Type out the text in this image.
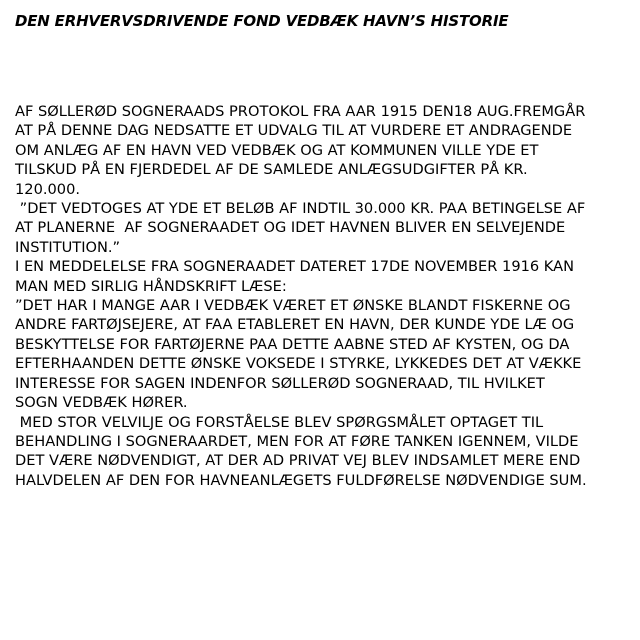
DEN ERHVERVSDRIVENDE FOND VEDBÆK HAVN’S HISTORIE
AF SØLLERØD SOGNERAADS PROTOKOL FRA AAR 1915 DEN18 AUG.FREMGÅR
AT PÅ DENNE DAG NEDSATTE ET UDVALG TIL AT VURDERE ET ANDRAGENDE
OM ANLÆG AF EN HAVN VED VEDBÆK OG AT KOMMUNEN VILLE YDE ET
TILSKUD PÅ EN FJERDEDEL AF DE SAMLEDE ANLÆGSUDGIFTER PÅ KR.
120.000.
”DET VEDTOGES AT YDE ET BELØB AF INDTIL 30.000 KR. PAA BETINGELSE AF
AT PLANERNE  AF SOGNERAADET OG IDET HAVNEN BLIVER EN SELVEJENDE
INSTITUTION.”
I EN MEDDELELSE FRA SOGNERAADET DATERET 17DE NOVEMBER 1916 KAN
MAN MED SIRLIG HÅNDSKRIFT LÆSE:
”DET HAR I MANGE AAR I VEDBÆK VÆRET ET ØNSKE BLANDT FISKERNE OG
ANDRE FARTØJSEJERE, AT FAA ETABLERET EN HAVN, DER KUNDE YDE LÆ OG
BESKYTTELSE FOR FARTØJERNE PAA DETTE AABNE STED AF KYSTEN, OG DA
EFTERHAANDEN DETTE ØNSKE VOKSEDE I STYRKE, LYKKEDES DET AT VÆKKE
INTERESSE FOR SAGEN INDENFOR SØLLERØD SOGNERAAD, TIL HVILKET
SOGN VEDBÆK HØRER.
MED STOR VELVILJE OG FORSTÅELSE BLEV SPØRGSMÅLET OPTAGET TIL
BEHANDLING I SOGNERAARDET, MEN FOR AT FØRE TANKEN IGENNEM, VILDE
DET VÆRE NØDVENDIGT, AT DER AD PRIVAT VEJ BLEV INDSAMLET MERE END
HALVDELEN AF DEN FOR HAVNEANLÆGETS FULDFØRELSE NØDVENDIGE SUM.
